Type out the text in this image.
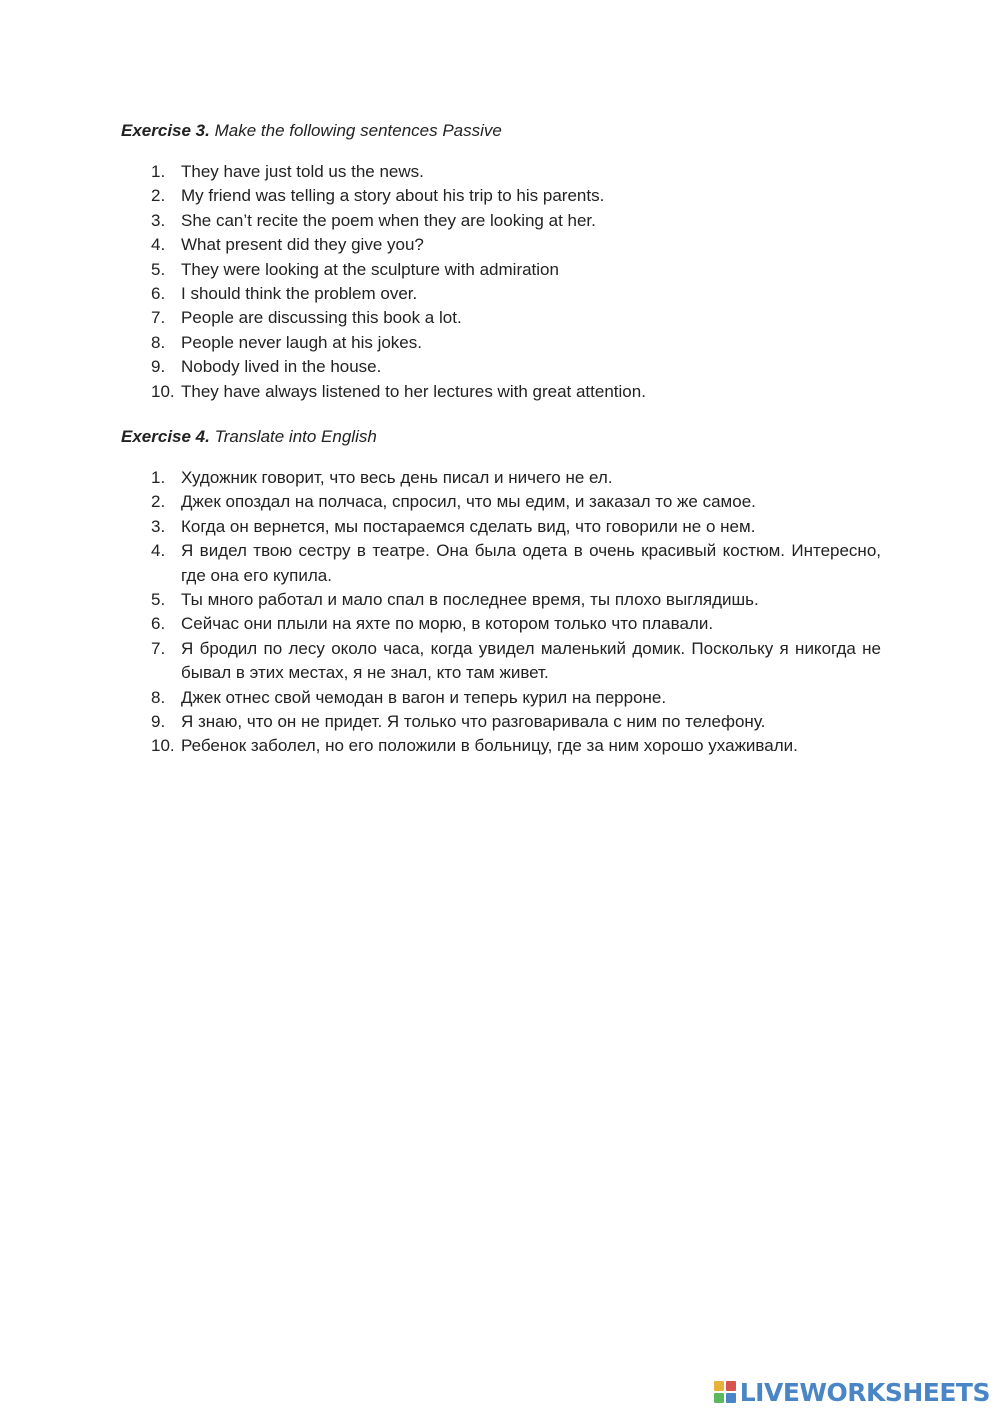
Exercise 3. Make the following sentences Passive

1. They have just told us the news.
2. My friend was telling a story about his trip to his parents.
3. She can’t recite the poem when they are looking at her.
4. What present did they give you?
5. They were looking at the sculpture with admiration
6. I should think the problem over.
7. People are discussing this book a lot.
8. People never laugh at his jokes.
9. Nobody lived in the house.
10. They have always listened to her lectures with great attention.

Exercise 4. Translate into English

1. Художник говорит, что весь день писал и ничего не ел.
2. Джек опоздал на полчаса, спросил, что мы едим, и заказал то же самое.
3. Когда он вернется, мы постараемся сделать вид, что говорили не о нем.
4. Я видел твою сестру в театре. Она была одета в очень красивый костюм. Интересно, где она его купила.
5. Ты много работал и мало спал в последнее время, ты плохо выглядишь.
6. Сейчас они плыли на яхте по морю, в котором только что плавали.
7. Я бродил по лесу около часа, когда увидел маленький домик. Поскольку я никогда не бывал в этих местах, я не знал, кто там живет.
8. Джек отнес свой чемодан в вагон и теперь курил на перроне.
9. Я знаю, что он не придет. Я только что разговаривала с ним по телефону.
10. Ребенок заболел, но его положили в больницу, где за ним хорошо ухаживали.
LIVEWORKSHEETS
